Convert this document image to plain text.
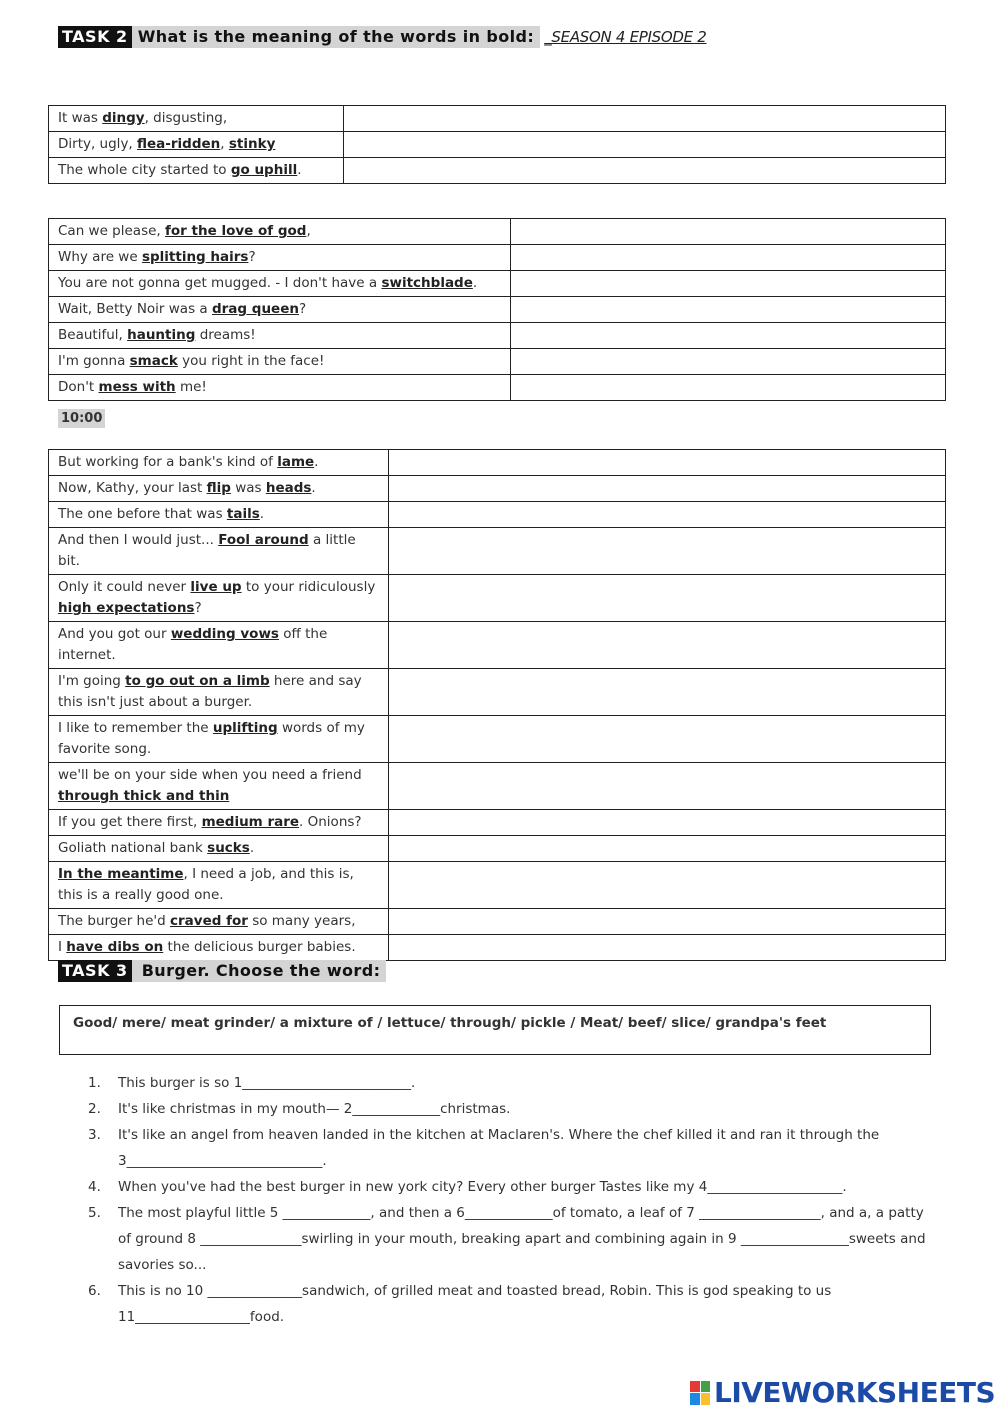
TASK 2 What is the meaning of the words in bold: _SEASON 4 EPISODE 2
It was dingy, disgusting,	
Dirty, ugly, flea-ridden, stinky	
The whole city started to go uphill.	
Can we please, for the love of god,	
Why are we splitting hairs?	
You are not gonna get mugged. - I don't have a switchblade.	
Wait, Betty Noir was a drag queen?	
Beautiful, haunting dreams!	
I'm gonna smack you right in the face!	
Don't mess with me!	
10:00
But working for a bank's kind of lame.	
Now, Kathy, your last flip was heads.	
The one before that was tails.	
And then I would just... Fool around a little bit.	
Only it could never live up to your ridiculously high expectations?	
And you got our wedding vows off the internet.	
I'm going to go out on a limb here and say this isn't just about a burger.	
I like to remember the uplifting words of my favorite song.	
we'll be on your side when you need a friend through thick and thin	
If you get there first, medium rare. Onions?	
Goliath national bank sucks.	
In the meantime, I need a job, and this is, this is a really good one.	
The burger he'd craved for so many years,	
I have dibs on the delicious burger babies.	
TASK 3 Burger. Choose the word:
Good/ mere/ meat grinder/ a mixture of / lettuce/ through/ pickle / Meat/ beef/ slice/ grandpa's feet
1. This burger is so 1_________________________.
2. It's like christmas in my mouth— 2_____________christmas.
3. It's like an angel from heaven landed in the kitchen at Maclaren's. Where the chef killed it and ran it through the 3_____________________________.
4. When you've had the best burger in new york city? Every other burger Tastes like my 4____________________.
5. The most playful little 5 _____________, and then a 6_____________of tomato, a leaf of 7 __________________, and a, a patty of ground 8 _______________swirling in your mouth, breaking apart and combining again in 9 ________________sweets and savories so...
6. This is no 10 ______________sandwich, of grilled meat and toasted bread, Robin. This is god speaking to us 11_________________food.
LIVEWORKSHEETS
